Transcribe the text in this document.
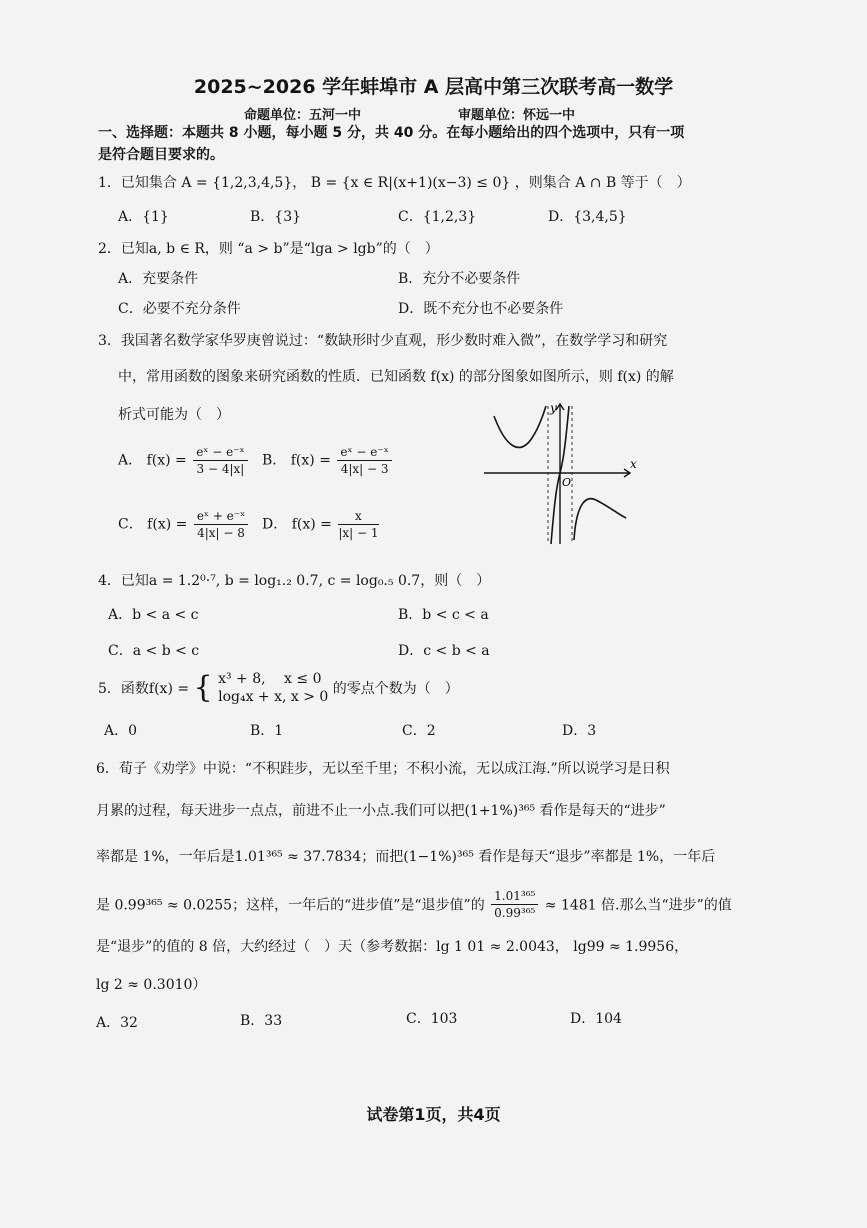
2025~2026 学年蚌埠市 A 层高中第三次联考高一数学
命题单位：五河一中	审题单位：怀远一中
一、选择题：本题共 8 小题，每小题 5 分，共 40 分。在每小题给出的四个选项中，只有一项
是符合题目要求的。
1．已知集合 A = {1,2,3,4,5}， B = {x ∈ R|(x+1)(x−3) ≤ 0} ，则集合 A ∩ B 等于（　）
A．{1}	B．{3}	C．{1,2,3}	D．{3,4,5}
2．已知a, b ∈ R，则 “a > b”是“lga > lgb”的（　）
A．充要条件	B．充分不必要条件
C．必要不充分条件	D．既不充分也不必要条件
3．我国著名数学家华罗庚曾说过：“数缺形时少直观，形少数时难入微”，在数学学习和研究
中，常用函数的图象来研究函数的性质．已知函数 f(x) 的部分图象如图所示，则 f(x) 的解
析式可能为（　）
A． $f(x) = \frac{\text{eˣ − e⁻ˣ}}{3 - 4|x|}$ B． $f(x) = \frac{\text{eˣ − e⁻ˣ}}{4|x| - 3}$
C． $f(x) = \frac{\text{eˣ + e⁻ˣ}}{4|x| - 8}$ D． $f(x) = \frac{x}{|x| - 1}$
x
y
O
4．已知a = 1.2⁰·⁷, b = log₁.₂ 0.7, c = log₀.₅ 0.7，则（　）
A．b < a < c	B．b < c < a
C．a < b < c	D．c < b < a
5．函数f(x) = { x³ + 8,　 x ≤ 0
log₄x + x, x > 0 的零点个数为（　）
A．0	B．1	C．2	D．3
6．荀子《劝学》中说：“不积跬步，无以至千里；不积小流，无以成江海.”所以说学习是日积
月累的过程，每天进步一点点，前进不止一小点.我们可以把(1+1%)³⁶⁵ 看作是每天的“进步”
率都是 1%，一年后是1.01³⁶⁵ ≈ 37.7834；而把(1−1%)³⁶⁵ 看作是每天“退步”率都是 1%，一年后
是 0.99³⁶⁵ ≈ 0.0255；这样，一年后的“进步值”是“退步值”的 $\frac{\text{1.01³⁶⁵}}{\text{0.99³⁶⁵}} \approx 1481$ 倍.那么当“进步”的值
是“退步”的值的 8 倍，大约经过（　）天（参考数据：lg 1 01 ≈ 2.0043， lg99 ≈ 1.9956，
lg 2 ≈ 0.3010）
A．32	B．33	C．103	D．104
试卷第1页，共4页
